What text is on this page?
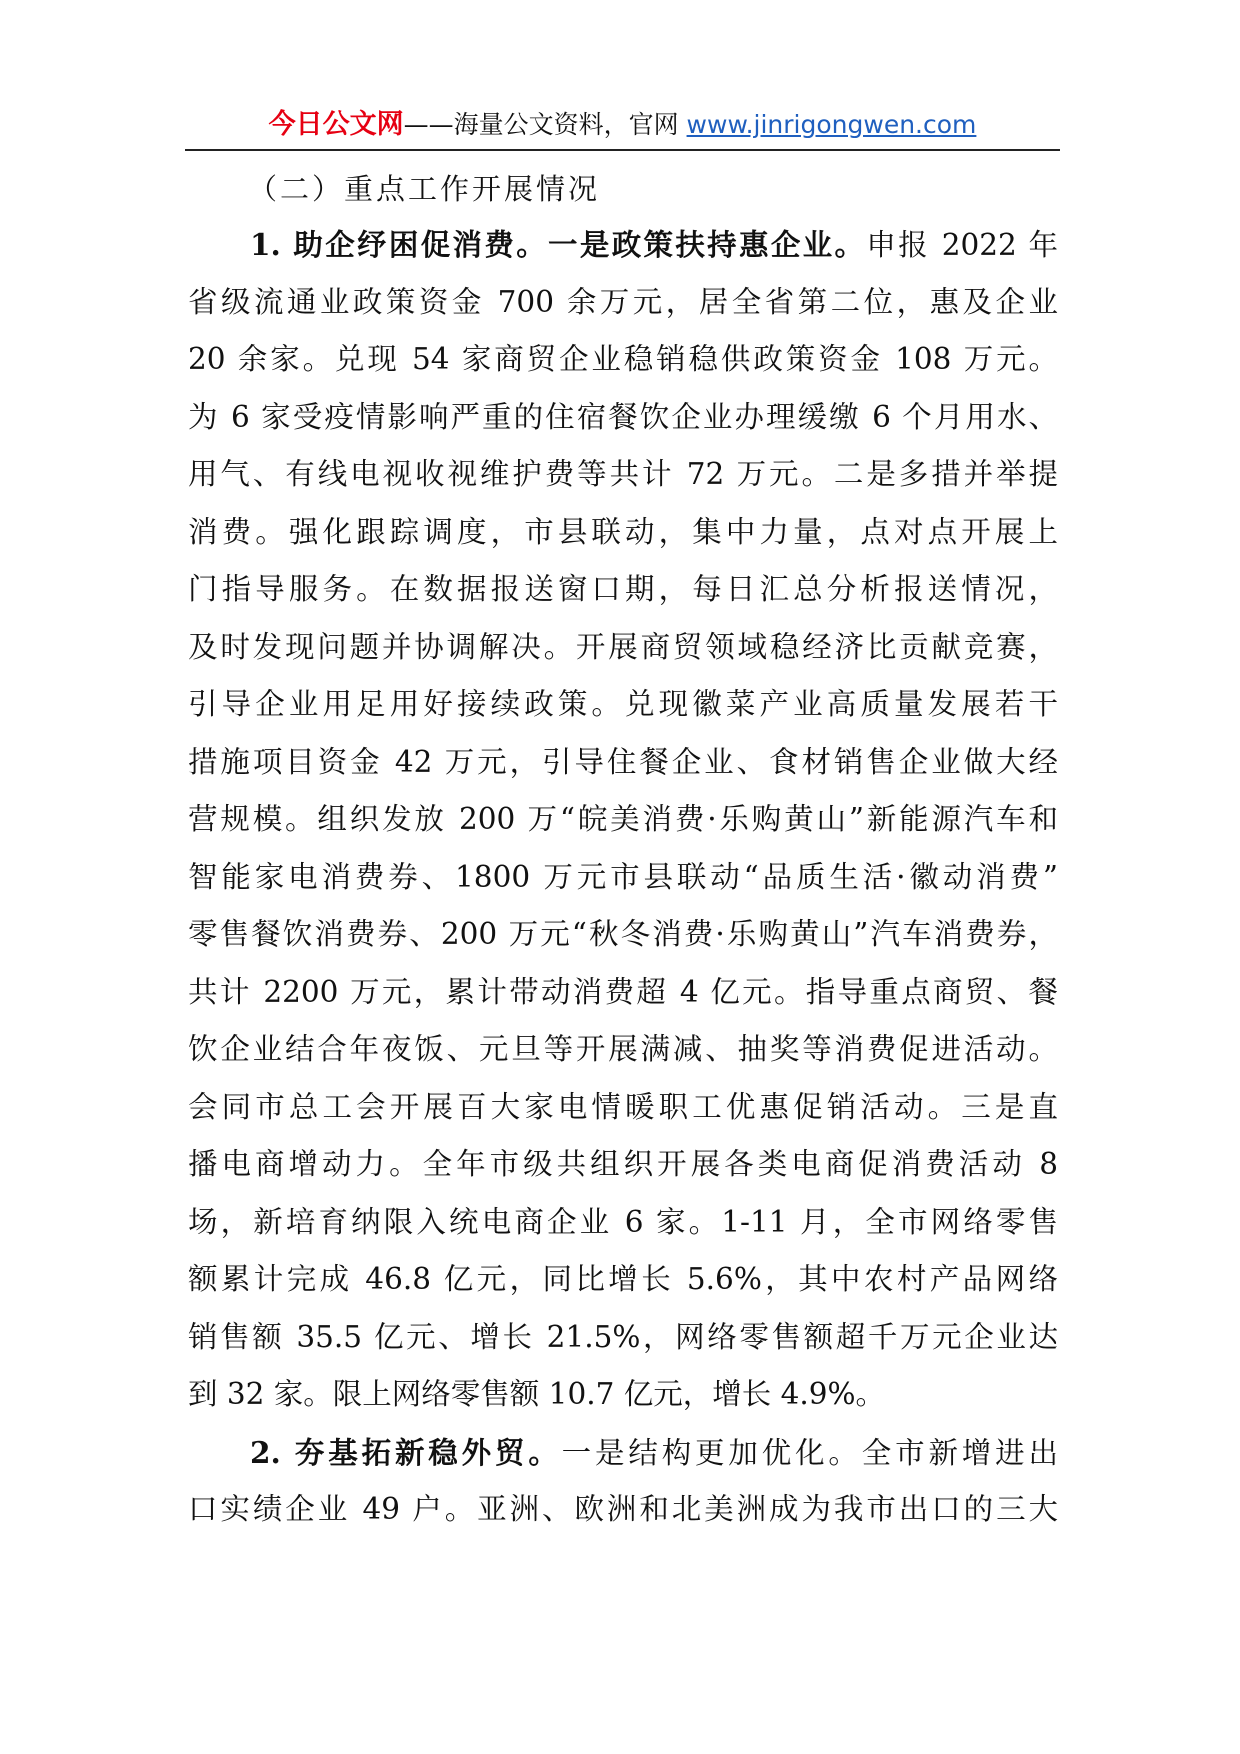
今日公文网——海量公文资料，官网 www.jinrigongwen.com
（二）重点工作开展情况
1. 助企纾困促消费。一是政策扶持惠企业。申报 2022 年
省级流通业政策资金 700 余万元，居全省第二位，惠及企业
20 余家。兑现 54 家商贸企业稳销稳供政策资金 108 万元。
为 6 家受疫情影响严重的住宿餐饮企业办理缓缴 6 个月用水、
用气、有线电视收视维护费等共计 72 万元。二是多措并举提
消费。强化跟踪调度，市县联动，集中力量，点对点开展上
门指导服务。在数据报送窗口期，每日汇总分析报送情况，
及时发现问题并协调解决。开展商贸领域稳经济比贡献竞赛，
引导企业用足用好接续政策。兑现徽菜产业高质量发展若干
措施项目资金 42 万元，引导住餐企业、食材销售企业做大经
营规模。组织发放 200 万“皖美消费·乐购黄山”新能源汽车和
智能家电消费券、1800 万元市县联动“品质生活·徽动消费”
零售餐饮消费券、200 万元“秋冬消费·乐购黄山”汽车消费券，
共计 2200 万元，累计带动消费超 4 亿元。指导重点商贸、餐
饮企业结合年夜饭、元旦等开展满减、抽奖等消费促进活动。
会同市总工会开展百大家电情暖职工优惠促销活动。三是直
播电商增动力。全年市级共组织开展各类电商促消费活动 8
场，新培育纳限入统电商企业 6 家。1-11 月，全市网络零售
额累计完成 46.8 亿元，同比增长 5.6%，其中农村产品网络
销售额 35.5 亿元、增长 21.5%，网络零售额超千万元企业达
到 32 家。限上网络零售额 10.7 亿元，增长 4.9%。
2. 夯基拓新稳外贸。一是结构更加优化。全市新增进出
口实绩企业 49 户。亚洲、欧洲和北美洲成为我市出口的三大
